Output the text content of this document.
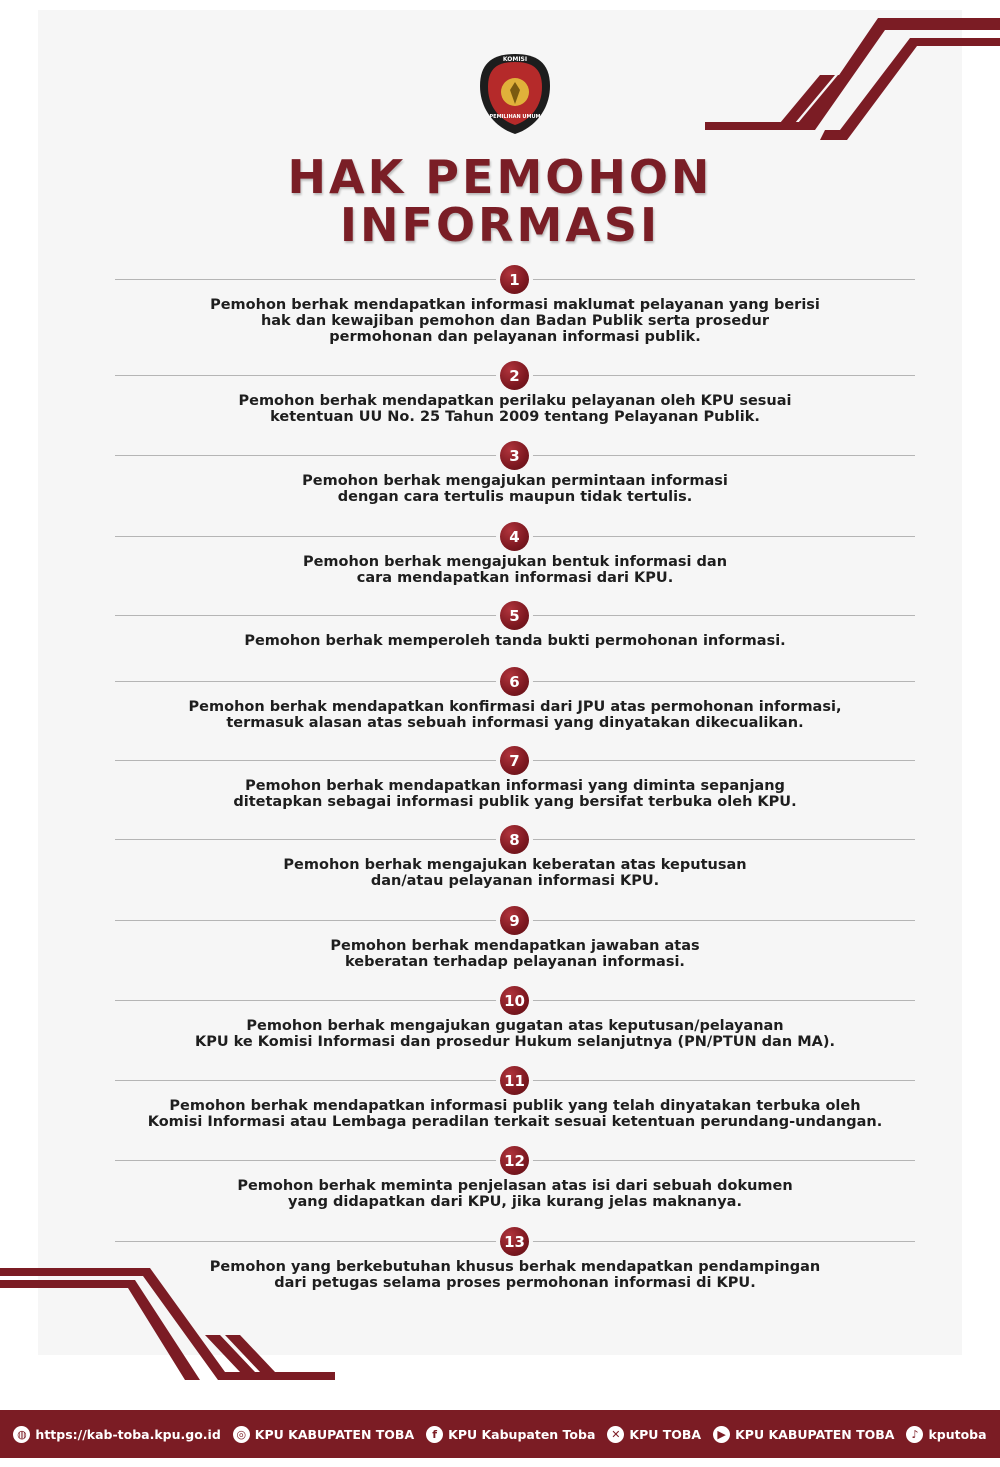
KOMISI
PEMILIHAN UMUM
HAK PEMOHON
INFORMASI
1
Pemohon berhak mendapatkan informasi maklumat pelayanan yang berisi
hak dan kewajiban pemohon dan Badan Publik serta prosedur
permohonan dan pelayanan informasi publik.
2
Pemohon berhak mendapatkan perilaku pelayanan oleh KPU sesuai
ketentuan UU No. 25 Tahun 2009 tentang Pelayanan Publik.
3
Pemohon berhak mengajukan permintaan informasi
dengan cara tertulis maupun tidak tertulis.
4
Pemohon berhak mengajukan bentuk informasi dan
cara mendapatkan informasi dari KPU.
5
Pemohon berhak memperoleh tanda bukti permohonan informasi.
6
Pemohon berhak mendapatkan konfirmasi dari JPU atas permohonan informasi,
termasuk alasan atas sebuah informasi yang dinyatakan dikecualikan.
7
Pemohon berhak mendapatkan informasi yang diminta sepanjang
ditetapkan sebagai informasi publik yang bersifat terbuka oleh KPU.
8
Pemohon berhak mengajukan keberatan atas keputusan
dan/atau pelayanan informasi KPU.
9
Pemohon berhak mendapatkan jawaban atas
keberatan terhadap pelayanan informasi.
10
Pemohon berhak mengajukan gugatan atas keputusan/pelayanan
KPU ke Komisi Informasi dan prosedur Hukum selanjutnya (PN/PTUN dan MA).
11
Pemohon berhak mendapatkan informasi publik yang telah dinyatakan terbuka oleh
Komisi Informasi atau Lembaga peradilan terkait sesuai ketentuan perundang-undangan.
12
Pemohon berhak meminta penjelasan atas isi dari sebuah dokumen
yang didapatkan dari KPU, jika kurang jelas maknanya.
13
Pemohon yang berkebutuhan khusus berhak mendapatkan pendampingan
dari petugas selama proses permohonan informasi di KPU.
◍ https://kab-toba.kpu.go.id	◎ KPU KABUPATEN TOBA	f KPU Kabupaten Toba	✕ KPU TOBA	▶ KPU KABUPATEN TOBA	♪ kputoba
